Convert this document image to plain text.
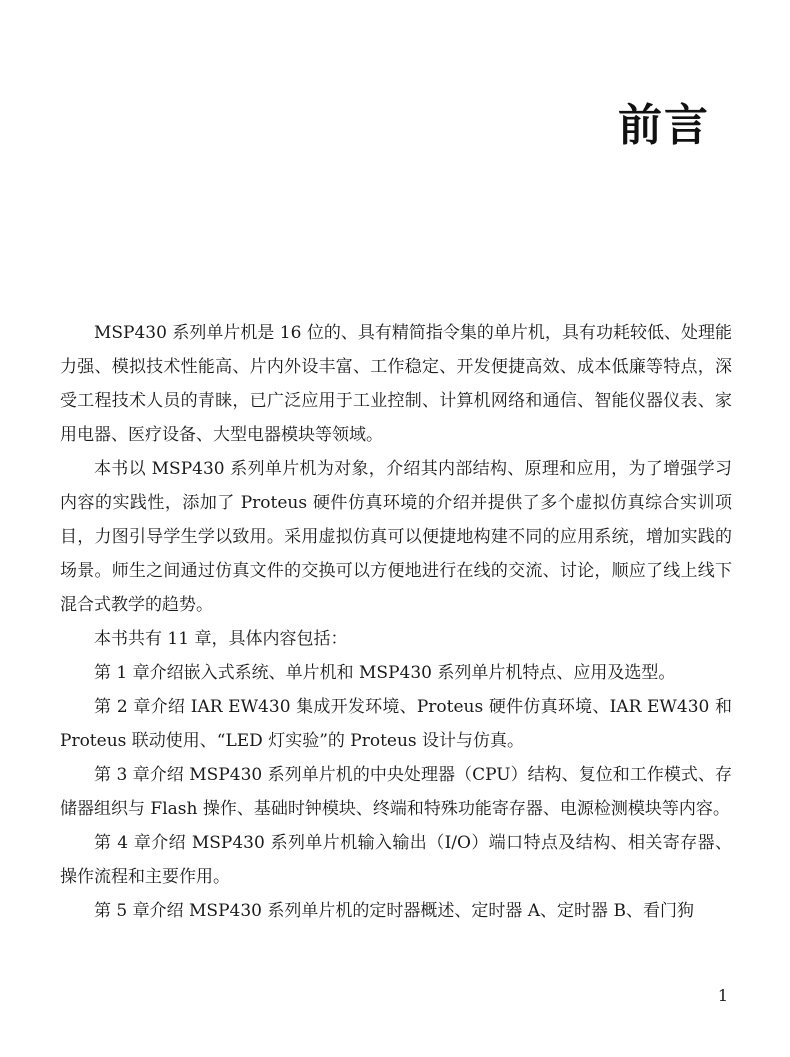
前言

MSP430 系列单片机是 16 位的、具有精简指令集的单片机，具有功耗较低、处理能力强、模拟技术性能高、片内外设丰富、工作稳定、开发便捷高效、成本低廉等特点，深受工程技术人员的青睐，已广泛应用于工业控制、计算机网络和通信、智能仪器仪表、家用电器、医疗设备、大型电器模块等领域。

本书以 MSP430 系列单片机为对象，介绍其内部结构、原理和应用，为了增强学习内容的实践性，添加了 Proteus 硬件仿真环境的介绍并提供了多个虚拟仿真综合实训项目，力图引导学生学以致用。采用虚拟仿真可以便捷地构建不同的应用系统，增加实践的场景。师生之间通过仿真文件的交换可以方便地进行在线的交流、讨论，顺应了线上线下混合式教学的趋势。

本书共有 11 章，具体内容包括：

第 1 章介绍嵌入式系统、单片机和 MSP430 系列单片机特点、应用及选型。

第 2 章介绍 IAR EW430 集成开发环境、Proteus 硬件仿真环境、IAR EW430 和 Proteus 联动使用、“LED 灯实验”的 Proteus 设计与仿真。

第 3 章介绍 MSP430 系列单片机的中央处理器（CPU）结构、复位和工作模式、存储器组织与 Flash 操作、基础时钟模块、终端和特殊功能寄存器、电源检测模块等内容。

第 4 章介绍 MSP430 系列单片机输入输出（I/O）端口特点及结构、相关寄存器、操作流程和主要作用。

第 5 章介绍 MSP430 系列单片机的定时器概述、定时器 A、定时器 B、看门狗

1
